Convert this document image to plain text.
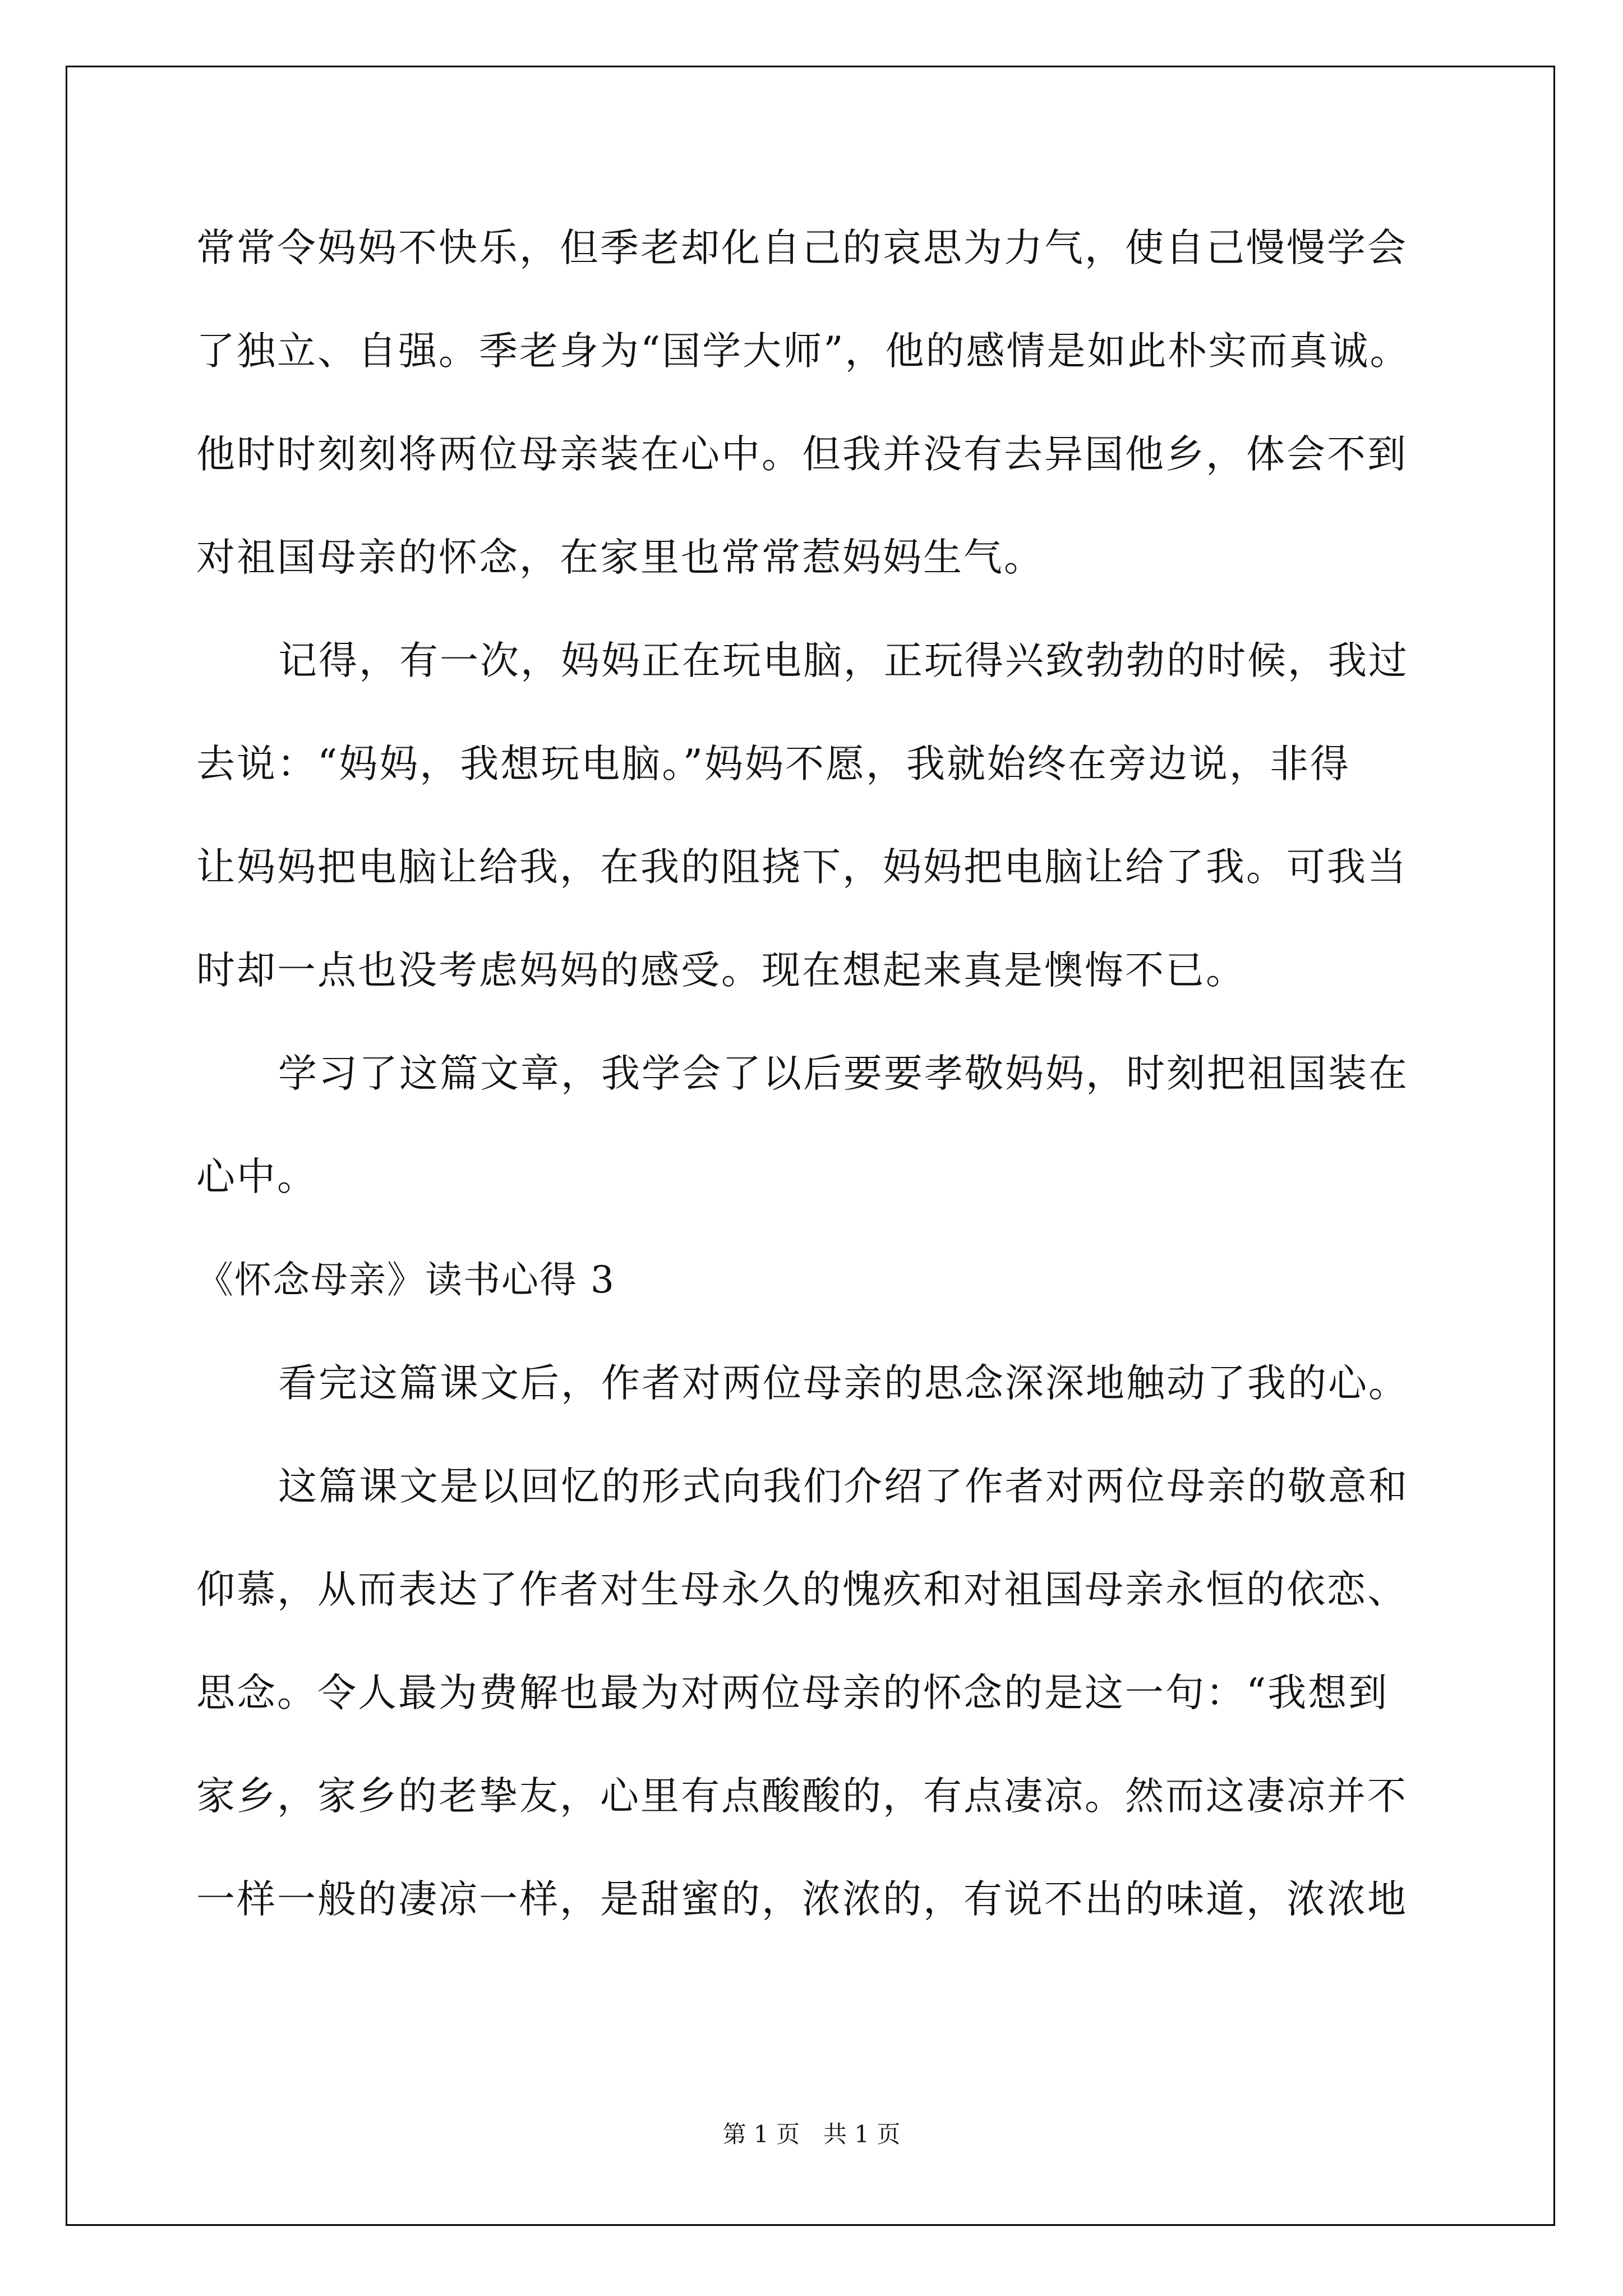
常常令妈妈不快乐，但季老却化自己的哀思为力气，使自己慢慢学会
了独立、自强。季老身为“国学大师”，他的感情是如此朴实而真诚。
他时时刻刻将两位母亲装在心中。但我并没有去异国他乡，体会不到
对祖国母亲的怀念，在家里也常常惹妈妈生气。
记得，有一次，妈妈正在玩电脑，正玩得兴致勃勃的时候，我过
去说：“妈妈，我想玩电脑。”妈妈不愿，我就始终在旁边说，非得
让妈妈把电脑让给我，在我的阻挠下，妈妈把电脑让给了我。可我当
时却一点也没考虑妈妈的感受。现在想起来真是懊悔不已。
学习了这篇文章，我学会了以后要要孝敬妈妈，时刻把祖国装在
心中。
《怀念母亲》读书心得 3
看完这篇课文后，作者对两位母亲的思念深深地触动了我的心。
这篇课文是以回忆的形式向我们介绍了作者对两位母亲的敬意和
仰慕，从而表达了作者对生母永久的愧疚和对祖国母亲永恒的依恋、
思念。令人最为费解也最为对两位母亲的怀念的是这一句：“我想到
家乡，家乡的老挚友，心里有点酸酸的，有点凄凉。然而这凄凉并不
一样一般的凄凉一样，是甜蜜的，浓浓的，有说不出的味道，浓浓地
第 1 页 共 1 页
